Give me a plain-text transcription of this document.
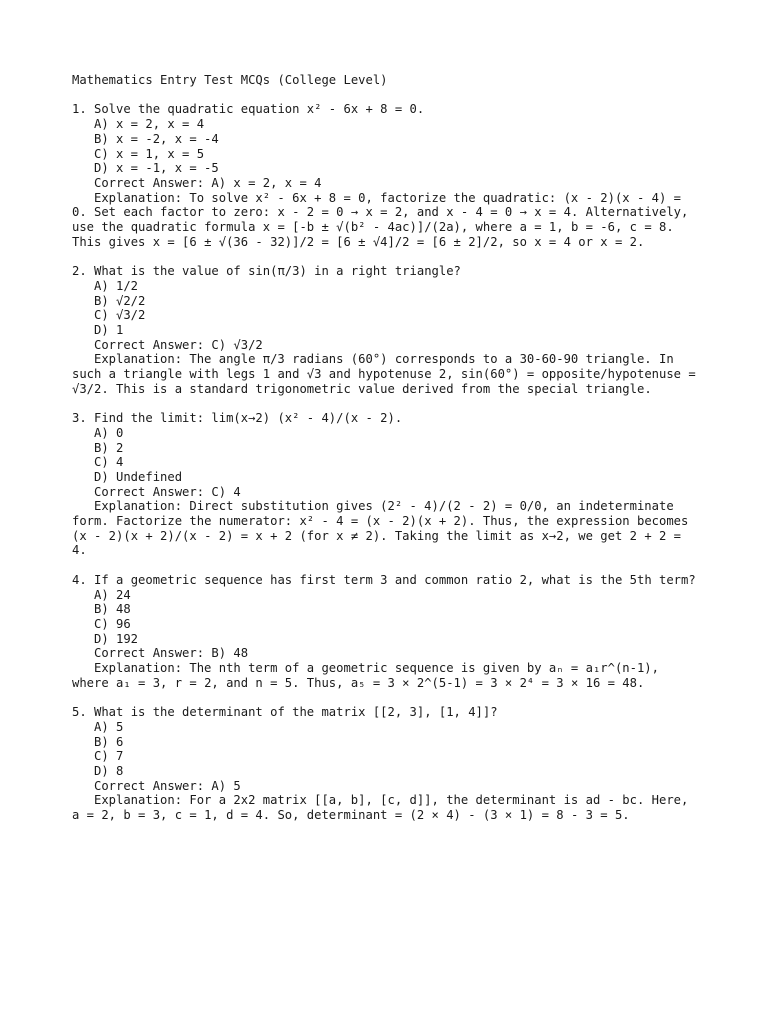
Mathematics Entry Test MCQs (College Level)
1. Solve the quadratic equation x² - 6x + 8 = 0.
A) x = 2, x = 4
B) x = -2, x = -4
C) x = 1, x = 5
D) x = -1, x = -5
Correct Answer: A) x = 2, x = 4
Explanation: To solve x² - 6x + 8 = 0, factorize the quadratic: (x - 2)(x - 4) = 0. Set each factor to zero: x - 2 = 0 → x = 2, and x - 4 = 0 → x = 4. Alternatively, use the quadratic formula x = [-b ± √(b² - 4ac)]/(2a), where a = 1, b = -6, c = 8. This gives x = [6 ± √(36 - 32)]/2 = [6 ± √4]/2 = [6 ± 2]/2, so x = 4 or x = 2.
2. What is the value of sin(π/3) in a right triangle?
A) 1/2
B) √2/2
C) √3/2
D) 1
Correct Answer: C) √3/2
Explanation: The angle π/3 radians (60°) corresponds to a 30-60-90 triangle. In such a triangle with legs 1 and √3 and hypotenuse 2, sin(60°) = opposite/hypotenuse = √3/2. This is a standard trigonometric value derived from the special triangle.
3. Find the limit: lim(x→2) (x² - 4)/(x - 2).
A) 0
B) 2
C) 4
D) Undefined
Correct Answer: C) 4
Explanation: Direct substitution gives (2² - 4)/(2 - 2) = 0/0, an indeterminate form. Factorize the numerator: x² - 4 = (x - 2)(x + 2). Thus, the expression becomes (x - 2)(x + 2)/(x - 2) = x + 2 (for x ≠ 2). Taking the limit as x→2, we get 2 + 2 = 4.
4. If a geometric sequence has first term 3 and common ratio 2, what is the 5th term?
A) 24
B) 48
C) 96
D) 192
Correct Answer: B) 48
Explanation: The nth term of a geometric sequence is given by aₙ = a₁r^(n-1), where a₁ = 3, r = 2, and n = 5. Thus, a₅ = 3 × 2^(5-1) = 3 × 2⁴ = 3 × 16 = 48.
5. What is the determinant of the matrix [[2, 3], [1, 4]]?
A) 5
B) 6
C) 7
D) 8
Correct Answer: A) 5
Explanation: For a 2x2 matrix [[a, b], [c, d]], the determinant is ad - bc. Here, a = 2, b = 3, c = 1, d = 4. So, determinant = (2 × 4) - (3 × 1) = 8 - 3 = 5.
